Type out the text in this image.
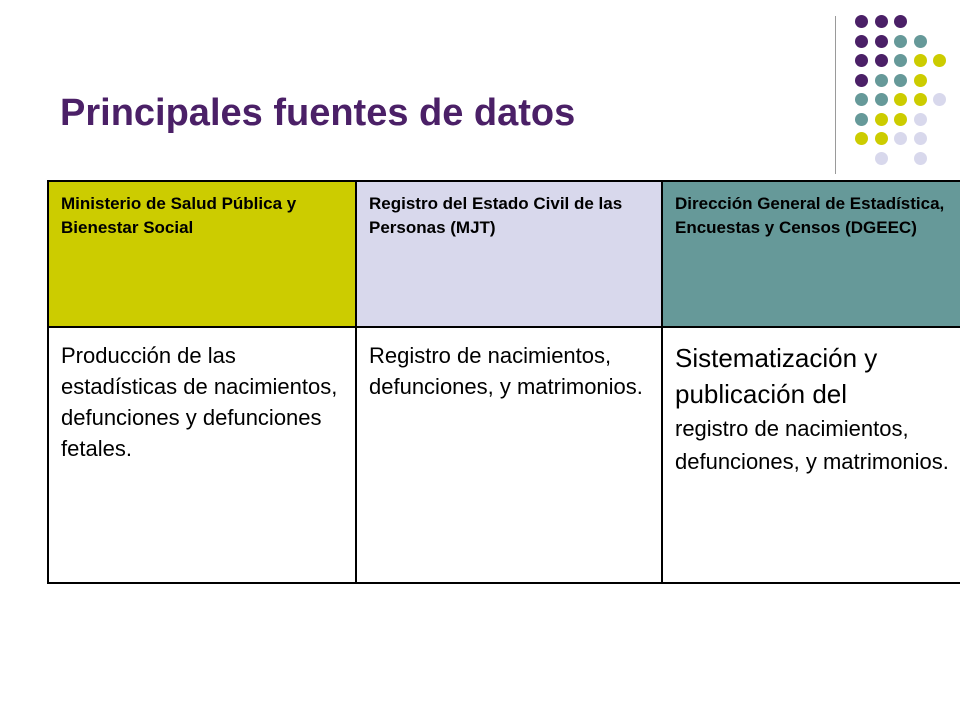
Principales fuentes de datos
Ministerio de Salud Pública y Bienestar Social	Registro del Estado Civil de las Personas (MJT)	Dirección General de Estadística, Encuestas y Censos (DGEEC)
Producción de las estadísticas de nacimientos, defunciones y defunciones fetales.	Registro de nacimientos, defunciones, y matrimonios.	Sistematización y publicación del
registro de nacimientos, defunciones, y matrimonios.
